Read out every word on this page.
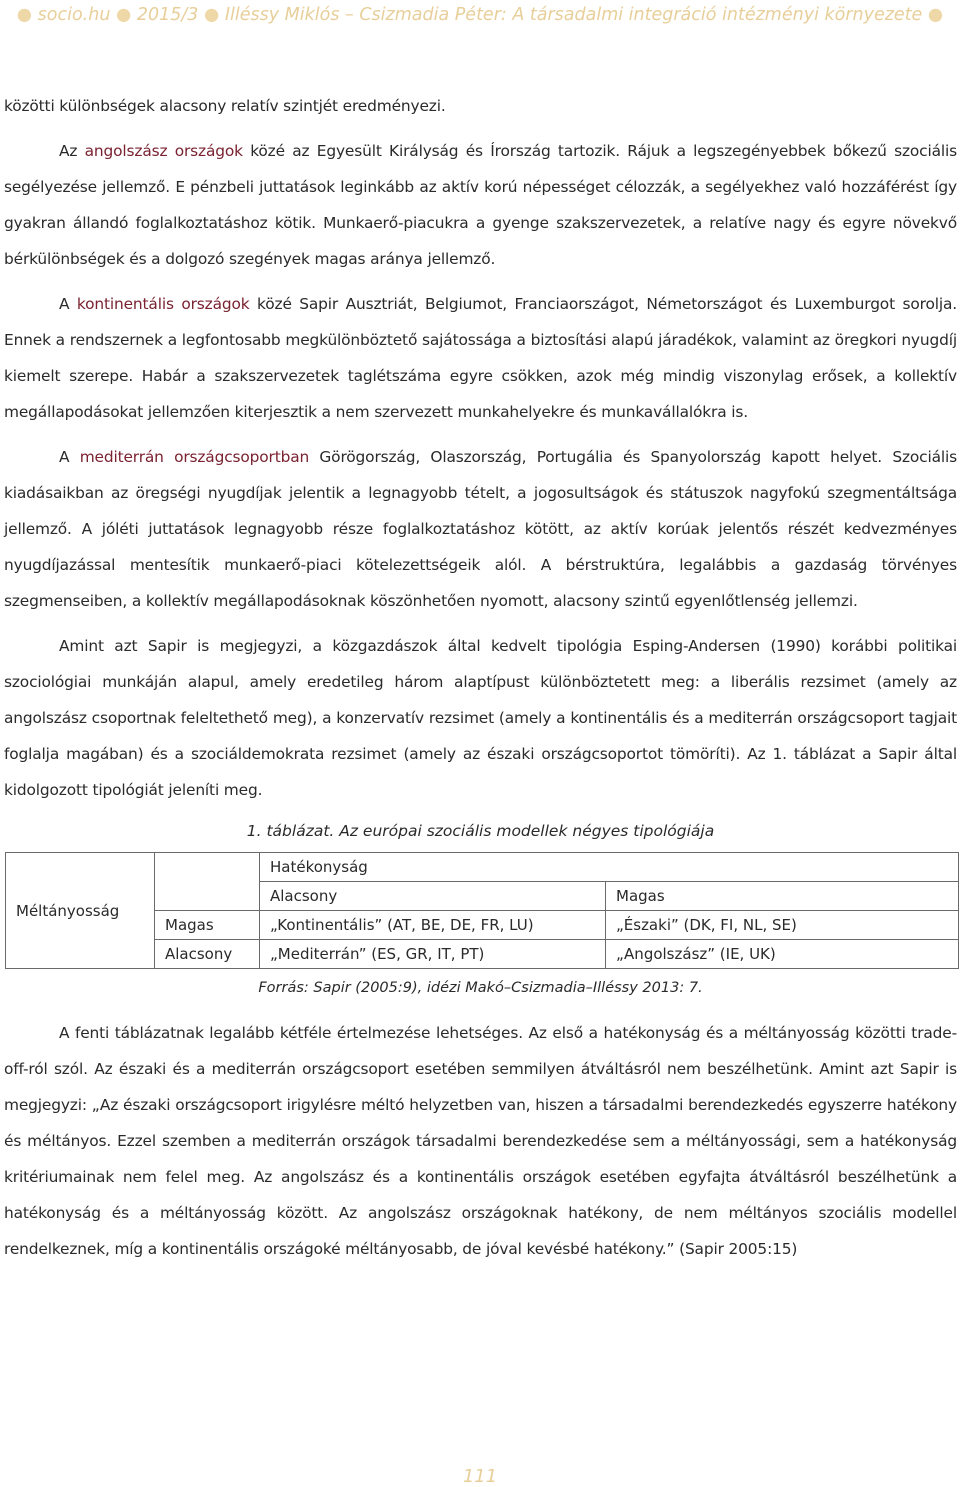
● socio.hu ● 2015/3 ● Illéssy Miklós – Csizmadia Péter: A társadalmi integráció intézményi környezete ●

közötti különbségek alacsony relatív szintjét eredményezi.

Az angolszász országok közé az Egyesült Királyság és Írország tartozik. Rájuk a legszegényebbek bőkezű szociális segélyezése jellemző. E pénzbeli juttatások leginkább az aktív korú népességet célozzák, a segélyekhez való hozzáférést így gyakran állandó foglalkoztatáshoz kötik. Munkaerő-piacukra a gyenge szakszervezetek, a relatíve nagy és egyre növekvő bérkülönbségek és a dolgozó szegények magas aránya jellemző.

A kontinentális országok közé Sapir Ausztriát, Belgiumot, Franciaországot, Németországot és Luxemburgot sorolja. Ennek a rendszernek a legfontosabb megkülönböztető sajátossága a biztosítási alapú járadékok, valamint az öregkori nyugdíj kiemelt szerepe. Habár a szakszervezetek taglétszáma egyre csökken, azok még mindig viszonylag erősek, a kollektív megállapodásokat jellemzően kiterjesztik a nem szervezett munkahelyekre és munkavállalókra is.

A mediterrán országcsoportban Görögország, Olaszország, Portugália és Spanyolország kapott helyet. Szociális kiadásaikban az öregségi nyugdíjak jelentik a legnagyobb tételt, a jogosultságok és státuszok nagyfokú szegmentáltsága jellemző. A jóléti juttatások legnagyobb része foglalkoztatáshoz kötött, az aktív korúak jelentős részét kedvezményes nyugdíjazással mentesítik munkaerő-piaci kötelezettségeik alól. A bérstruktúra, legalábbis a gazdaság törvényes szegmenseiben, a kollektív megállapodásoknak köszönhetően nyomott, alacsony szintű egyenlőtlenség jellemzi.

Amint azt Sapir is megjegyzi, a közgazdászok által kedvelt tipológia Esping-Andersen (1990) korábbi politikai szociológiai munkáján alapul, amely eredetileg három alaptípust különböztetett meg: a liberális rezsimet (amely az angolszász csoportnak feleltethető meg), a konzervatív rezsimet (amely a kontinentális és a mediterrán országcsoport tagjait foglalja magában) és a szociáldemokrata rezsimet (amely az északi országcsoportot tömöríti). Az 1. táblázat a Sapir által kidolgozott tipológiát jeleníti meg.

1. táblázat. Az európai szociális modellek négyes tipológiája
Méltányosság		Hatékonyság	
		Alacsony	Magas
	Magas	„Kontinentális” (AT, BE, DE, FR, LU)	„Északi” (DK, FI, NL, SE)
	Alacsony	„Mediterrán” (ES, GR, IT, PT)	„Angolszász” (IE, UK)
Forrás: Sapir (2005:9), idézi Makó–Csizmadia–Illéssy 2013: 7.

A fenti táblázatnak legalább kétféle értelmezése lehetséges. Az első a hatékonyság és a méltányosság közötti trade-off-ról szól. Az északi és a mediterrán országcsoport esetében semmilyen átváltásról nem beszélhetünk. Amint azt Sapir is megjegyzi: „Az északi országcsoport irigylésre méltó helyzetben van, hiszen a társadalmi berendezkedés egyszerre hatékony és méltányos. Ezzel szemben a mediterrán országok társadalmi berendezkedése sem a méltányossági, sem a hatékonyság kritériumainak nem felel meg. Az angolszász és a kontinentális országok esetében egyfajta átváltásról beszélhetünk a hatékonyság és a méltányosság között. Az angolszász országoknak hatékony, de nem méltányos szociális modellel rendelkeznek, míg a kontinentális országoké méltányosabb, de jóval kevésbé hatékony.” (Sapir 2005:15)

111
